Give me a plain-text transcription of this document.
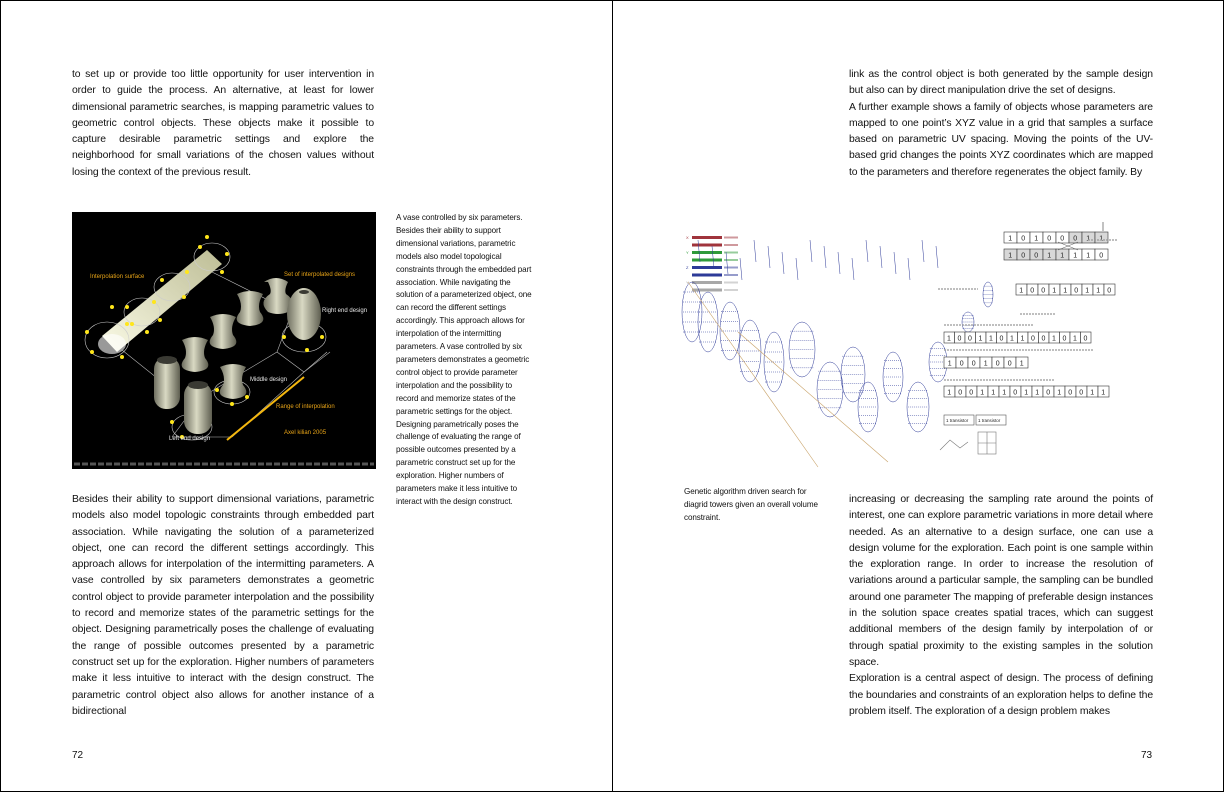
to set up or provide too little opportunity for user intervention in order to guide the process. An alternative, at least for lower dimensional parametric searches, is mapping parametric values to geometric control objects. These objects make it possible to capture desirable parametric settings and explore the neighborhood for small variations of the chosen values without losing the context of the previous result.

Interpolation surface	Set of interpolated designs
Right end design
Middle design
Range of interpolation
Left end design
Axel kilian 2005
A vase controlled by six parameters. Besides their ability to support dimensional variations, parametric models also model topological constraints through the embedded part association. While navigating the solution of a parameterized object, one can record the different settings accordingly. This approach allows for interpolation of the intermitting parameters. A vase controlled by six parameters demonstrates a geometric control object to provide parameter interpolation and the possibility to record and memorize states of the parametric settings for the object. Designing parametrically poses the challenge of evaluating the range of possible outcomes presented by a parametric construct set up for the exploration. Higher numbers of parameters make it less intuitive to interact with the design construct.

Besides their ability to support dimensional variations, parametric models also model topologic constraints through embedded part association. While navigating the solution of a parameterized object, one can record the different settings accordingly. This approach allows for interpolation of the intermitting parameters. A vase controlled by six parameters demonstrates a geometric control object to provide parameter interpolation and the possibility to record and memorize states of the parametric settings for the object. Designing parametrically poses the challenge of evaluating the range of possible outcomes presented by a parametric construct set up for the exploration. Higher numbers of parameters make it less intuitive to interact with the design construct. The parametric control object also allows for another instance of a bidirectional

72

link as the control object is both generated by the sample design but also can by direct manipulation drive the set of designs.

A further example shows a family of objects whose parameters are mapped to one point’s XYZ value in a grid that samples a surface based on parametric UV spacing. Moving the points of the UV-based grid changes the points XYZ coordinates which are mapped to the parameters and therefore regenerates the object family. By

X
Y
Z
Y
1 0 1 0 0 0 1 1
1 0 0 1 1 1 1 0
1 0 0 1 1 0 1 1 0
1 0 0 1 1 0 1 1 0 0 1 0 1 0
1 0 0 1 0 0 1
1 0 0 1 1 1 0 1 1 0 1 0 0 1 1
1 transistor 1 transistor
Genetic algorithm driven search for diagrid towers given an overall volume constraint.

increasing or decreasing the sampling rate around the points of interest, one can explore parametric variations in more detail where needed. As an alternative to a design surface, one can use a design volume for the exploration. Each point is one sample within the exploration range. In order to increase the resolution of variations around a particular sample, the sampling can be bundled around one parameter The mapping of preferable design instances in the solution space creates spatial traces, which can suggest additional members of the design family by interpolation of or through spatial proximity to the existing samples in the solution space.

Exploration is a central aspect of design. The process of defining the boundaries and constraints of an exploration helps to define the problem itself. The exploration of a design problem makes

73
